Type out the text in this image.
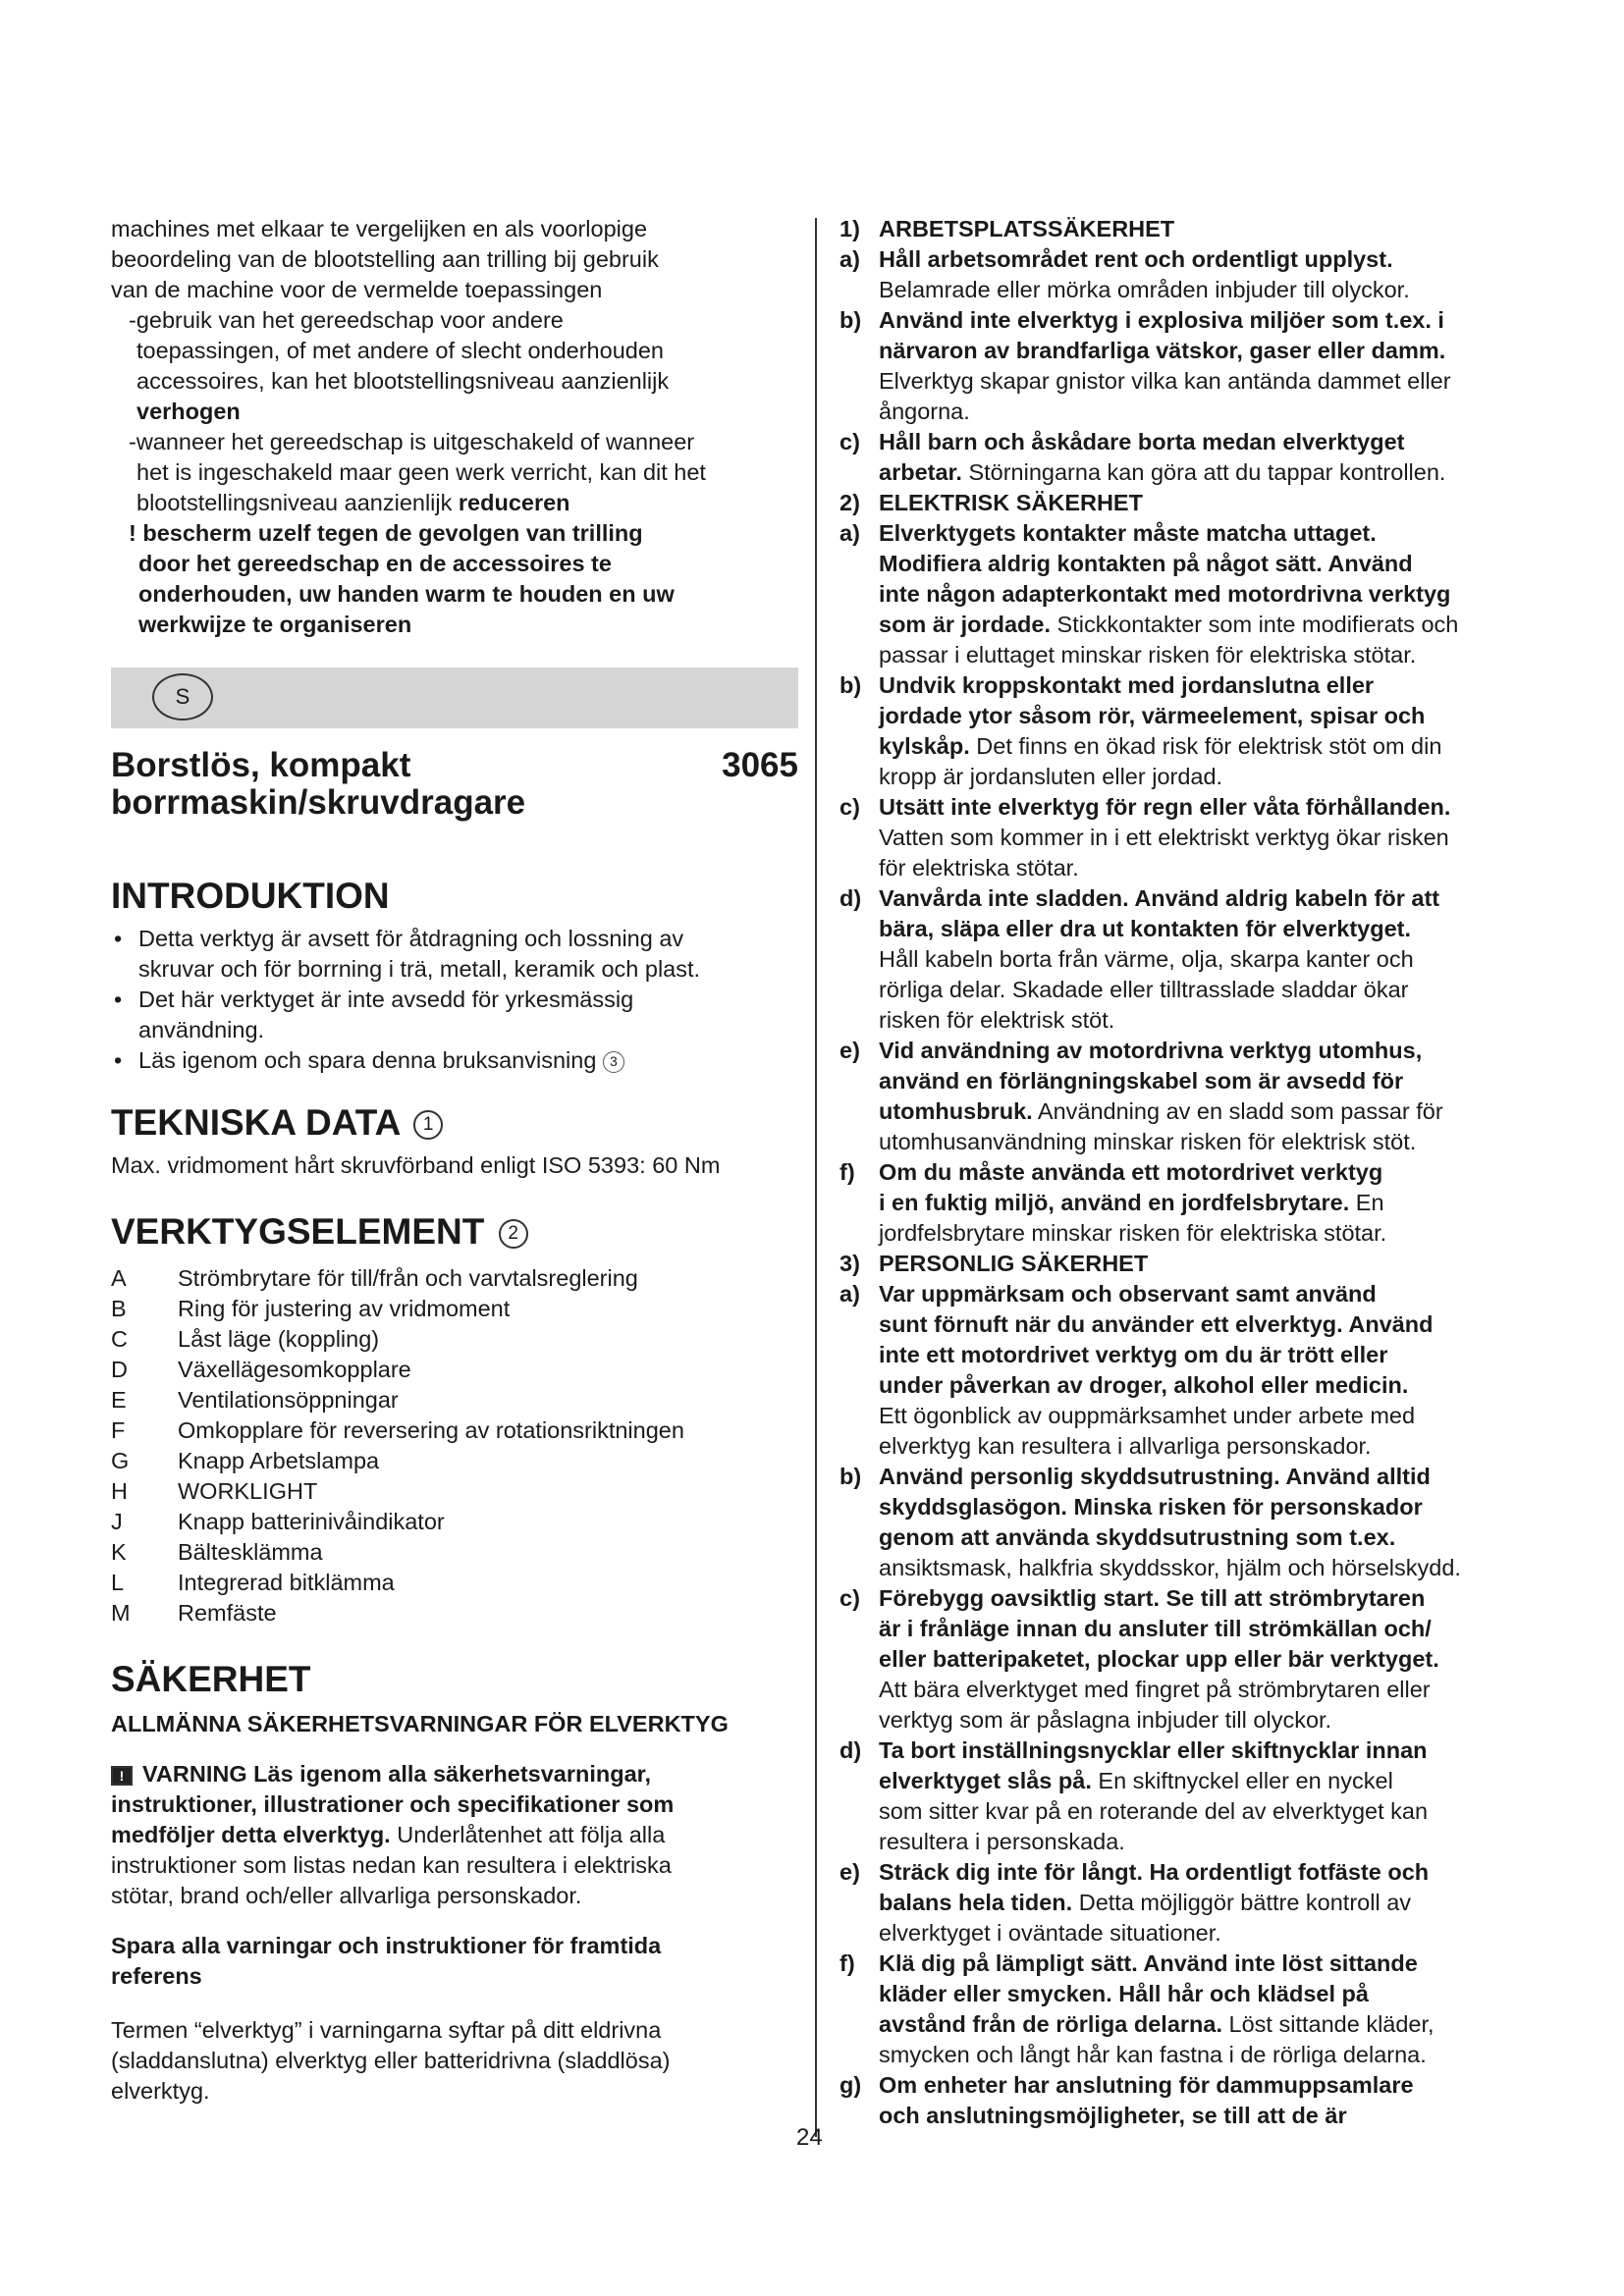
machines met elkaar te vergelijken en als voorlopige
beoordeling van de blootstelling aan trilling bij gebruik
van de machine voor de vermelde toepassingen
-gebruik van het gereedschap voor andere
toepassingen, of met andere of slecht onderhouden
accessoires, kan het blootstellingsniveau aanzienlijk
verhogen
-wanneer het gereedschap is uitgeschakeld of wanneer
het is ingeschakeld maar geen werk verricht, kan dit het
blootstellingsniveau aanzienlijk reduceren
! bescherm uzelf tegen de gevolgen van trilling
door het gereedschap en de accessoires te
onderhouden, uw handen warm te houden en uw
werkwijze te organiseren
S
Borstlös, kompakt
borrmaskin/skruvdragare
3065
INTRODUKTION
• Detta verktyg är avsett för åtdragning och lossning av
skruvar och för borrning i trä, metall, keramik och plast.
• Det här verktyget är inte avsedd för yrkesmässig
användning.
• Läs igenom och spara denna bruksanvisning 3
TEKNISKA DATA 1
Max. vridmoment hårt skruvförband enligt ISO 5393: 60 Nm
VERKTYGSELEMENT 2
A	Strömbrytare för till/från och varvtalsreglering
B	Ring för justering av vridmoment
C	Låst läge (koppling)
D	Växellägesomkopplare
E	Ventilationsöppningar
F	Omkopplare för reversering av rotationsriktningen
G	Knapp Arbetslampa
H	WORKLIGHT
J	Knapp batterinivåindikator
K	Bältesklämma
L	Integrerad bitklämma
M	Remfäste
SÄKERHET
ALLMÄNNA SÄKERHETSVARNINGAR FÖR ELVERKTYG
! VARNING Läs igenom alla säkerhetsvarningar,
instruktioner, illustrationer och specifikationer som
medföljer detta elverktyg. Underlåtenhet att följa alla
instruktioner som listas nedan kan resultera i elektriska
stötar, brand och/eller allvarliga personskador.
Spara alla varningar och instruktioner för framtida
referens
Termen “elverktyg” i varningarna syftar på ditt eldrivna
(sladdanslutna) elverktyg eller batteridrivna (sladdlösa)
elverktyg.
1) ARBETSPLATSSÄKERHET
a) Håll arbetsområdet rent och ordentligt upplyst.
Belamrade eller mörka områden inbjuder till olyckor.
b) Använd inte elverktyg i explosiva miljöer som t.ex. i
närvaron av brandfarliga vätskor, gaser eller damm.
Elverktyg skapar gnistor vilka kan antända dammet eller
ångorna.
c) Håll barn och åskådare borta medan elverktyget
arbetar. Störningarna kan göra att du tappar kontrollen.
2) ELEKTRISK SÄKERHET
a) Elverktygets kontakter måste matcha uttaget.
Modifiera aldrig kontakten på något sätt. Använd
inte någon adapterkontakt med motordrivna verktyg
som är jordade. Stickkontakter som inte modifierats och
passar i eluttaget minskar risken för elektriska stötar.
b) Undvik kroppskontakt med jordanslutna eller
jordade ytor såsom rör, värmeelement, spisar och
kylskåp. Det finns en ökad risk för elektrisk stöt om din
kropp är jordansluten eller jordad.
c) Utsätt inte elverktyg för regn eller våta förhållanden.
Vatten som kommer in i ett elektriskt verktyg ökar risken
för elektriska stötar.
d) Vanvårda inte sladden. Använd aldrig kabeln för att
bära, släpa eller dra ut kontakten för elverktyget.
Håll kabeln borta från värme, olja, skarpa kanter och
rörliga delar. Skadade eller tilltrasslade sladdar ökar
risken för elektrisk stöt.
e) Vid användning av motordrivna verktyg utomhus,
använd en förlängningskabel som är avsedd för
utomhusbruk. Användning av en sladd som passar för
utomhusanvändning minskar risken för elektrisk stöt.
f)	Om du måste använda ett motordrivet verktyg
i en fuktig miljö, använd en jordfelsbrytare. En
jordfelsbrytare minskar risken för elektriska stötar.
3) PERSONLIG SÄKERHET
a) Var uppmärksam och observant samt använd
sunt förnuft när du använder ett elverktyg. Använd
inte ett motordrivet verktyg om du är trött eller
under påverkan av droger, alkohol eller medicin.
Ett ögonblick av ouppmärksamhet under arbete med
elverktyg kan resultera i allvarliga personskador.
b) Använd personlig skyddsutrustning. Använd alltid
skyddsglasögon. Minska risken för personskador
genom att använda skyddsutrustning som t.ex.
ansiktsmask, halkfria skyddsskor, hjälm och hörselskydd.
c) Förebygg oavsiktlig start. Se till att strömbrytaren
är i frånläge innan du ansluter till strömkällan och/
eller batteripaketet, plockar upp eller bär verktyget.
Att bära elverktyget med fingret på strömbrytaren eller
verktyg som är påslagna inbjuder till olyckor.
d) Ta bort inställningsnycklar eller skiftnycklar innan
elverktyget slås på. En skiftnyckel eller en nyckel
som sitter kvar på en roterande del av elverktyget kan
resultera i personskada.
e) Sträck dig inte för långt. Ha ordentligt fotfäste och
balans hela tiden. Detta möjliggör bättre kontroll av
elverktyget i oväntade situationer.
f)	Klä dig på lämpligt sätt. Använd inte löst sittande
kläder eller smycken. Håll hår och klädsel på
avstånd från de rörliga delarna. Löst sittande kläder,
smycken och långt hår kan fastna i de rörliga delarna.
g) Om enheter har anslutning för dammuppsamlare
och anslutningsmöjligheter, se till att de är
24
